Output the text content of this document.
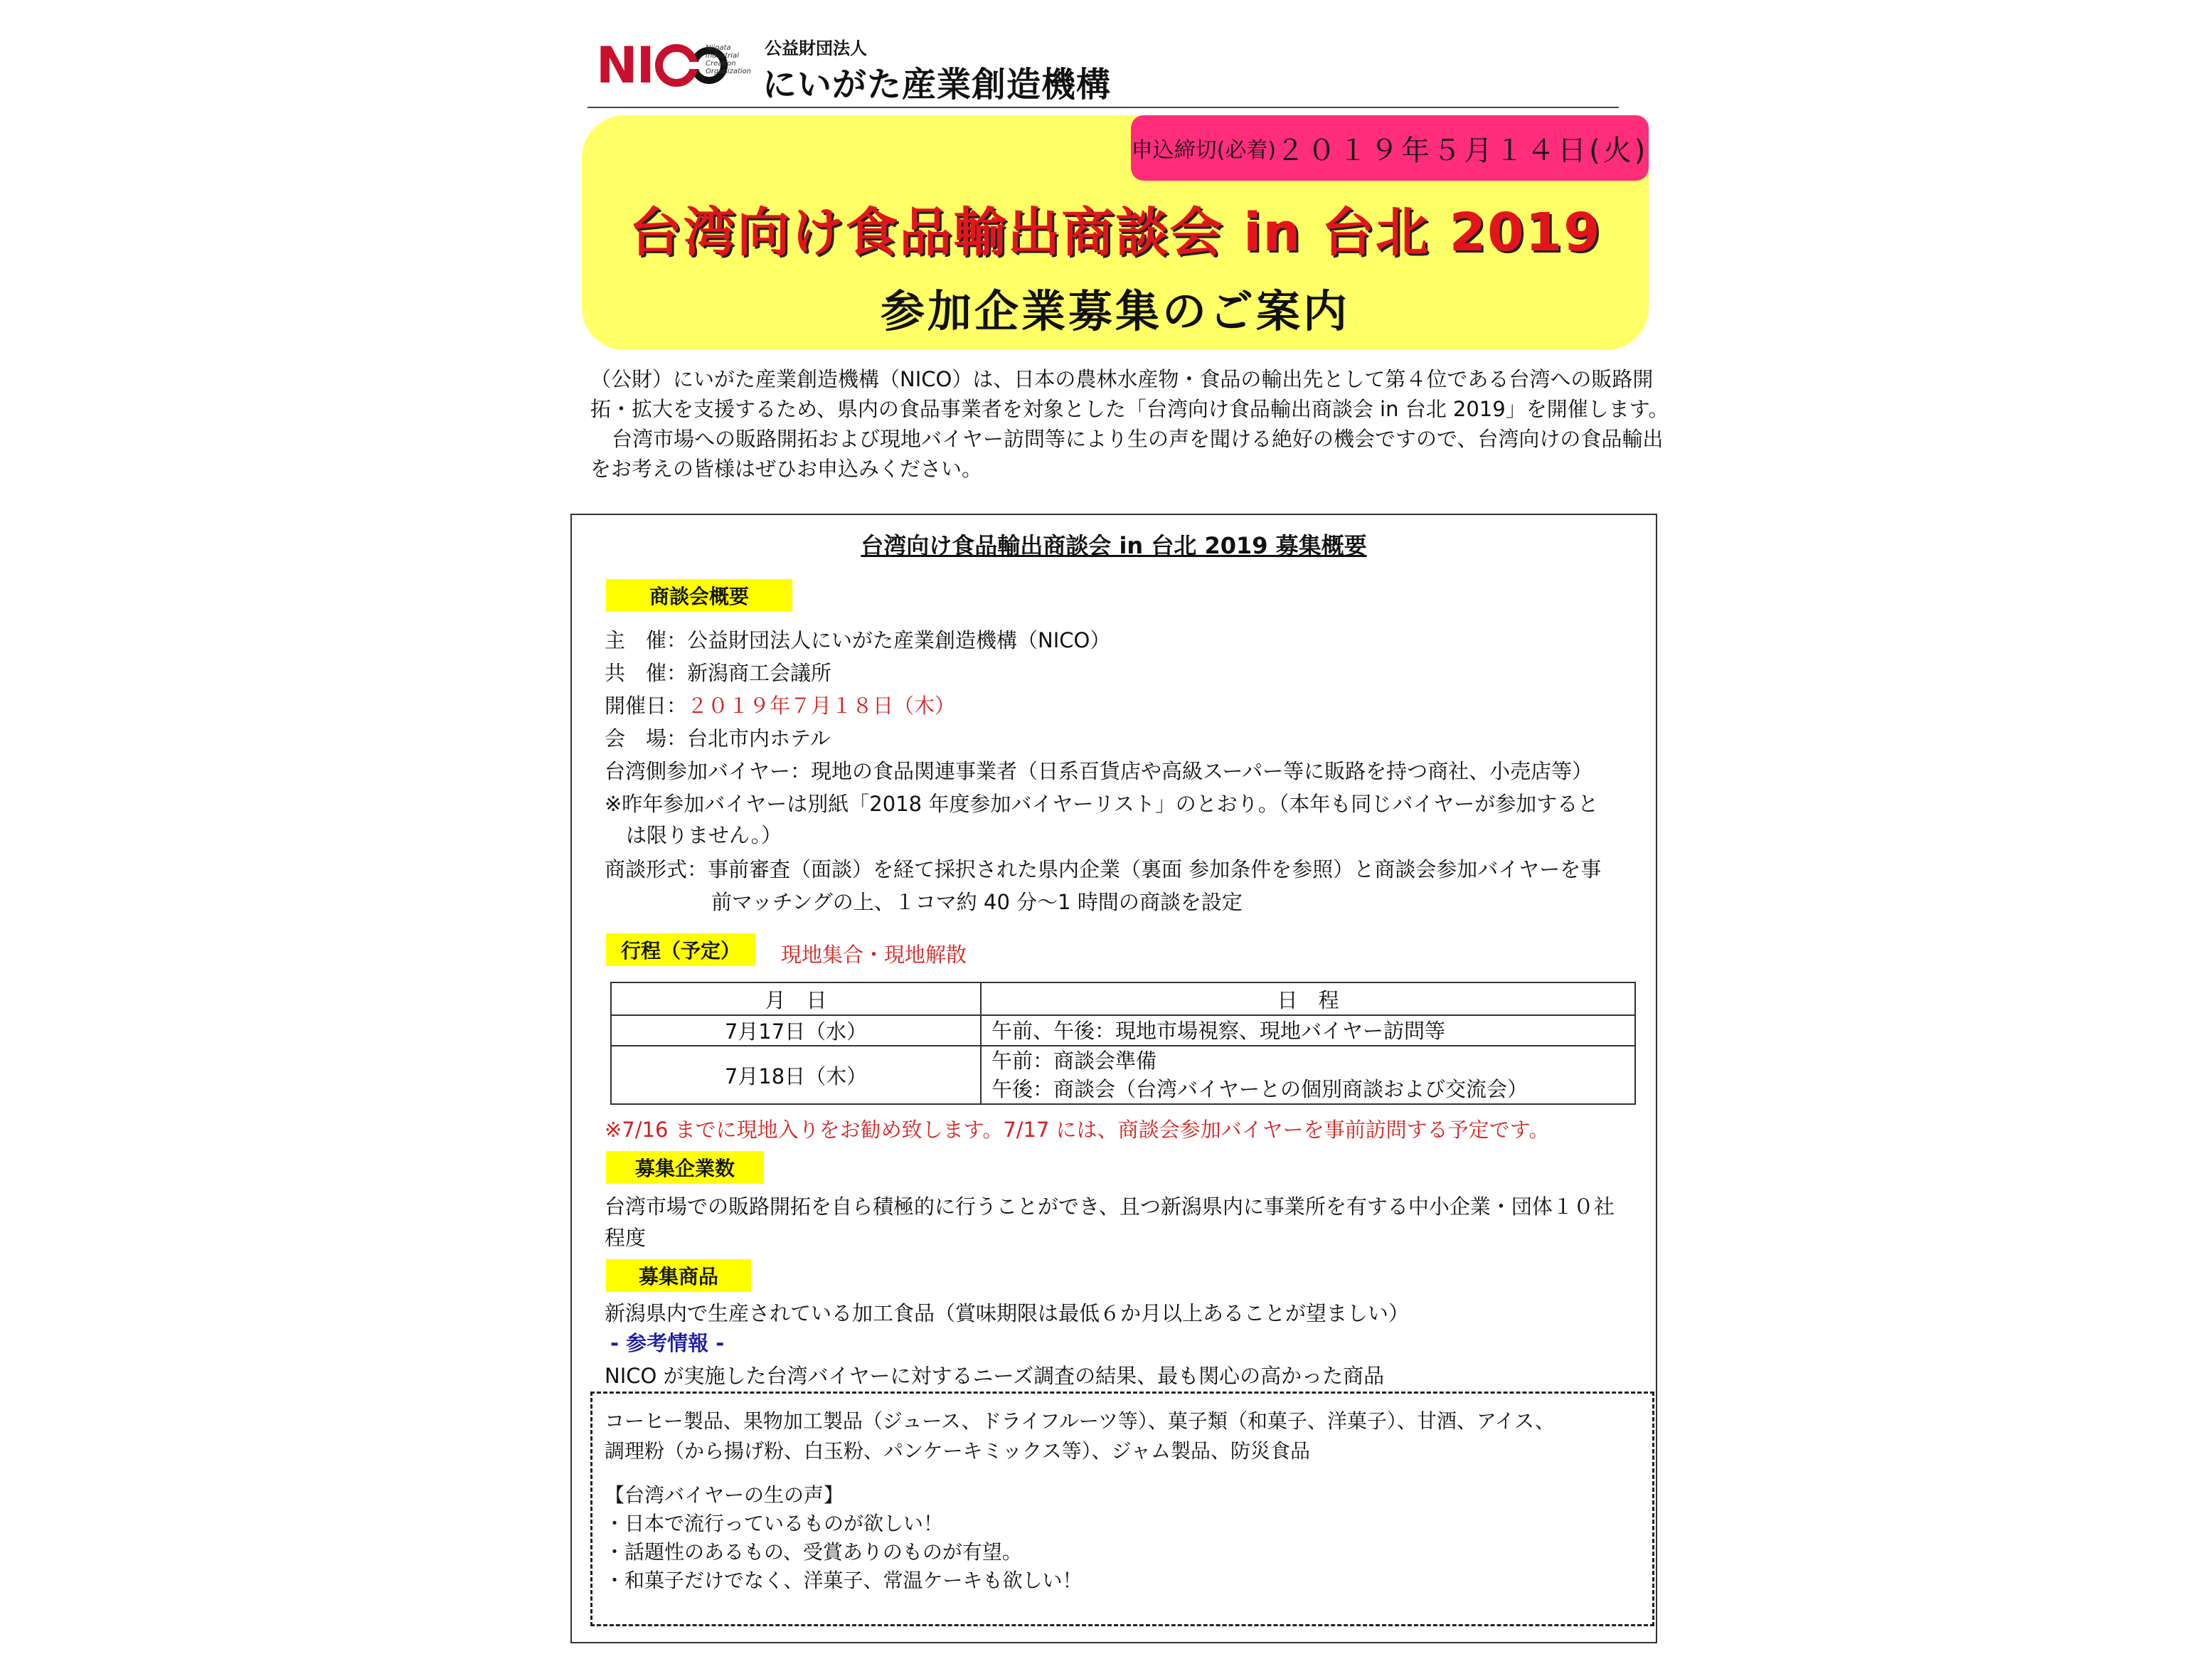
NI	Niigata
Industrial
Creation
Organization
公益財団法人
にいがた産業創造機構
申込締切(必着) ２０１９年５月１４日(火)
台湾向け食品輸出商談会 in 台北 2019
参加企業募集のご案内

（公財）にいがた産業創造機構（NICO）は、日本の農林水産物・食品の輸出先として第４位である台湾への販路開拓・拡大を支援するため、県内の食品事業者を対象とした「台湾向け食品輸出商談会 in 台北 2019」を開催します。

台湾市場への販路開拓および現地バイヤー訪問等により生の声を聞ける絶好の機会ですので、台湾向けの食品輸出をお考えの皆様はぜひお申込みください。

台湾向け食品輸出商談会 in 台北 2019 募集概要
商談会概要
主　催：公益財団法人にいがた産業創造機構（NICO）
共　催：新潟商工会議所
開催日：２０１９年７月１８日（木）
会　場：台北市内ホテル
台湾側参加バイヤー：現地の食品関連事業者（日系百貨店や高級スーパー等に販路を持つ商社、小売店等）
※昨年参加バイヤーは別紙「2018 年度参加バイヤーリスト」のとおり。（本年も同じバイヤーが参加すると
は限りません。）
商談形式：事前審査（面談）を経て採択された県内企業（裏面 参加条件を参照）と商談会参加バイヤーを事
前マッチングの上、１コマ約 40 分〜1 時間の商談を設定
行程（予定）	現地集合・現地解散
月　日	日　程
7月17日（水）	午前、午後：現地市場視察、現地バイヤー訪問等
7月18日（木）	午前：商談会準備
午後：商談会（台湾バイヤーとの個別商談および交流会）
※7/16 までに現地入りをお勧め致します。7/17 には、商談会参加バイヤーを事前訪問する予定です。
募集企業数
台湾市場での販路開拓を自ら積極的に行うことができ、且つ新潟県内に事業所を有する中小企業・団体１０社
程度
募集商品
新潟県内で生産されている加工食品（賞味期限は最低６か月以上あることが望ましい）
- 参考情報 -
NICO が実施した台湾バイヤーに対するニーズ調査の結果、最も関心の高かった商品
コーヒー製品、果物加工製品（ジュース、ドライフルーツ等）、菓子類（和菓子、洋菓子）、甘酒、アイス、
調理粉（から揚げ粉、白玉粉、パンケーキミックス等）、ジャム製品、防災食品
【台湾バイヤーの生の声】
・日本で流行っているものが欲しい！
・話題性のあるもの、受賞ありのものが有望。
・和菓子だけでなく、洋菓子、常温ケーキも欲しい！
